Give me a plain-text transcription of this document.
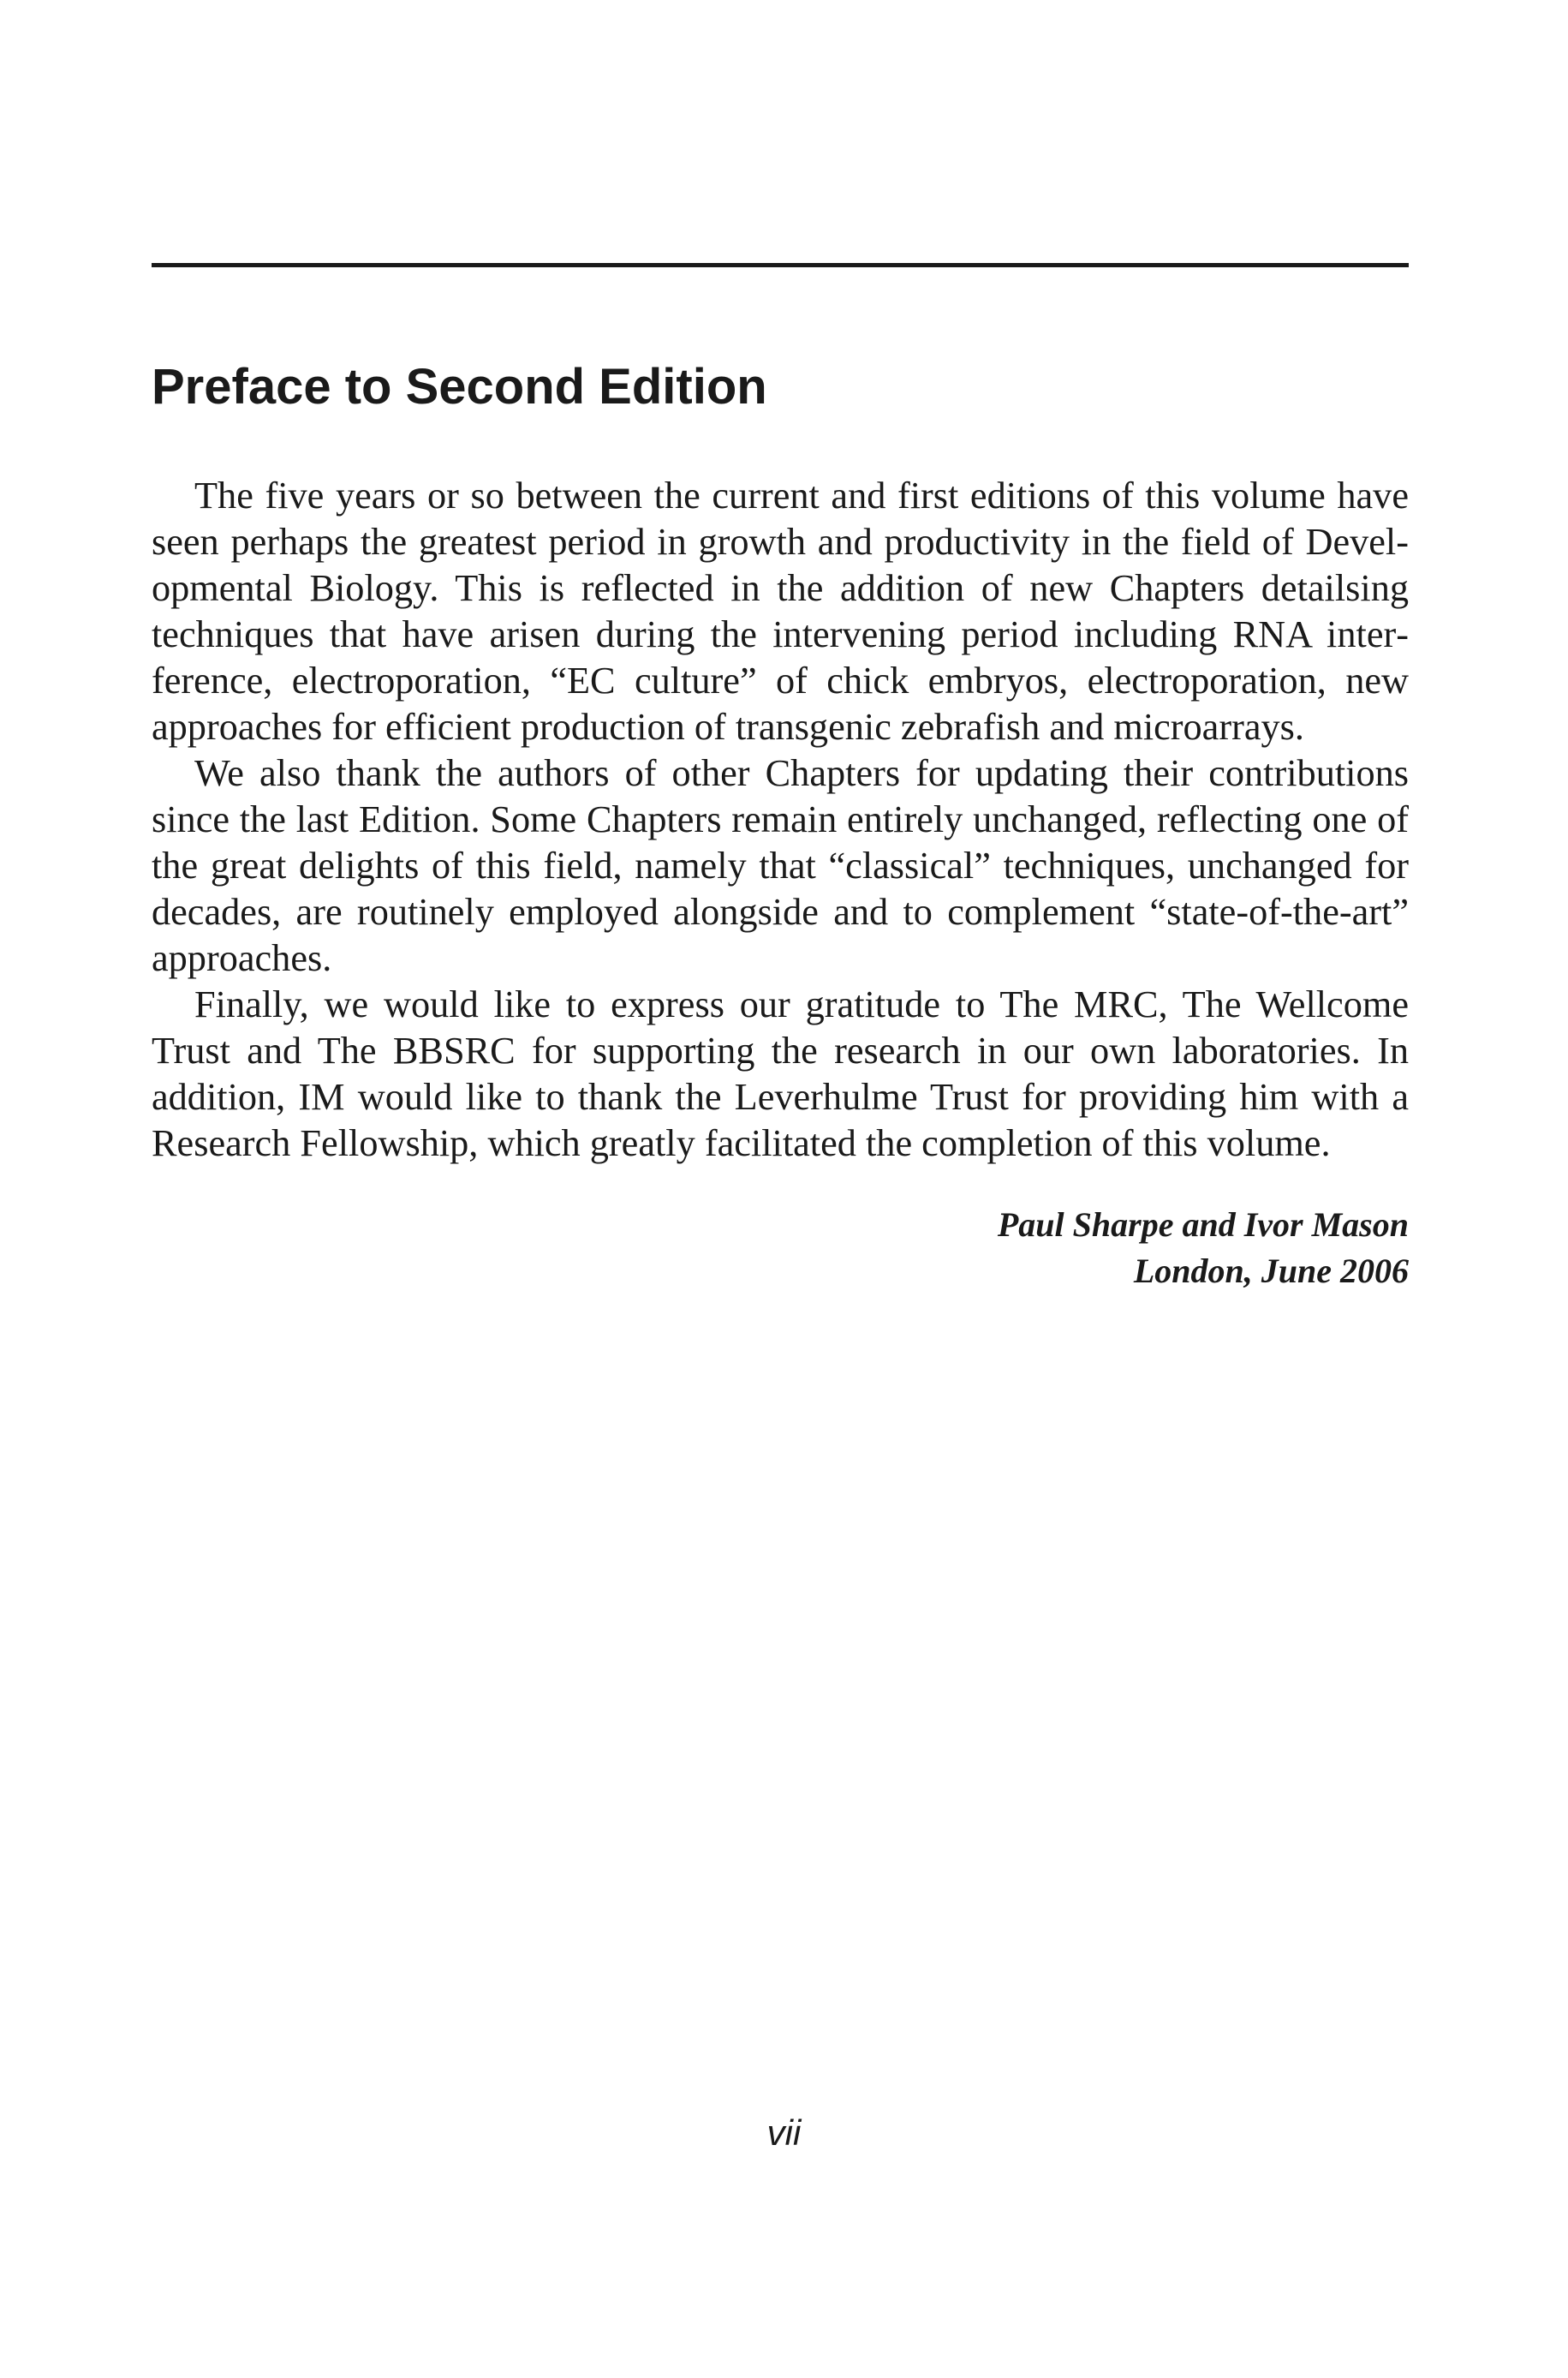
Preface to Second Edition

The five years or so between the current and first editions of this volume have seen perhaps the greatest period in growth and productivity in the field of Developmental Biology. This is reflected in the addition of new Chapters detailsing techniques that have arisen during the intervening period including RNA interference, electroporation, “EC culture” of chick embryos, electroporation, new approaches for efficient production of transgenic zebrafish and microarrays.

We also thank the authors of other Chapters for updating their contributions since the last Edition. Some Chapters remain entirely unchanged, reflecting one of the great delights of this field, namely that “classical” techniques, unchanged for decades, are routinely employed alongside and to complement “state-of-the-art” approaches.

Finally, we would like to express our gratitude to The MRC, The Wellcome Trust and The BBSRC for supporting the research in our own laboratories. In addition, IM would like to thank the Leverhulme Trust for providing him with a Research Fellowship, which greatly facilitated the completion of this volume.

Paul Sharpe and Ivor Mason
London, June 2006
vii
